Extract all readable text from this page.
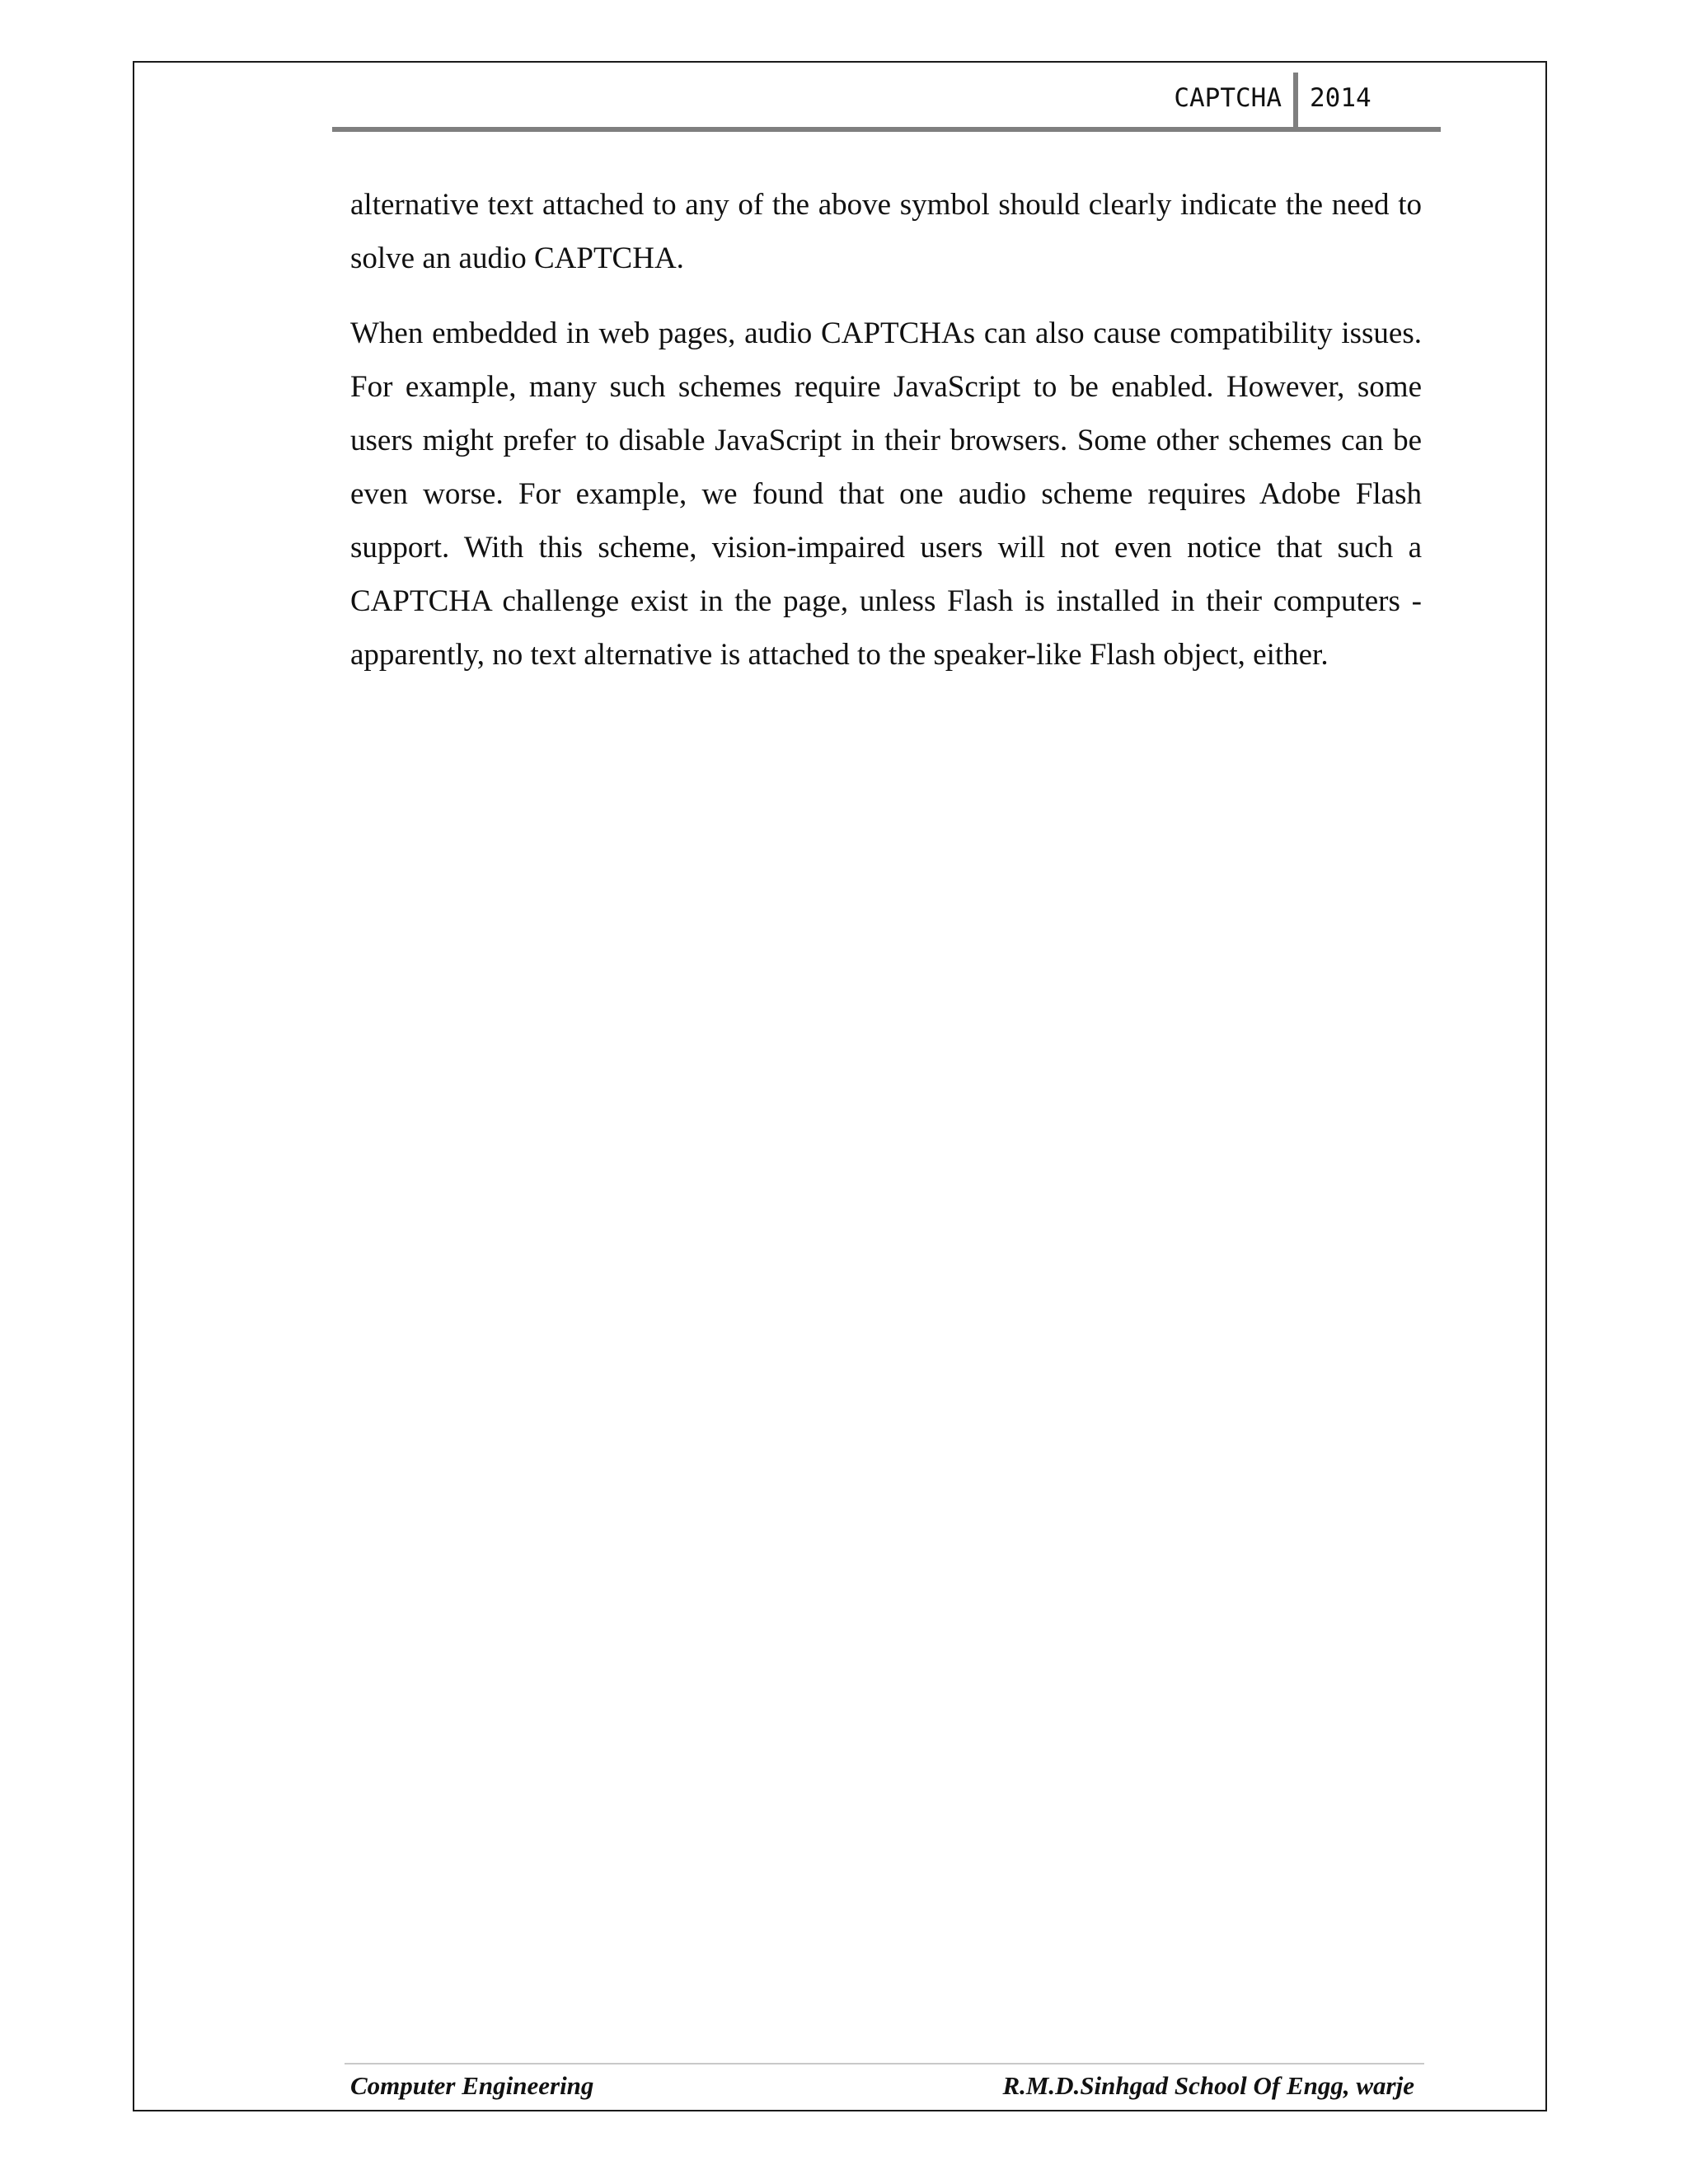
CAPTCHA 2014

alternative text attached to any of the above symbol should clearly indicate the need to solve an audio CAPTCHA.

When embedded in web pages, audio CAPTCHAs can also cause compatibility issues. For example, many such schemes require JavaScript to be enabled. However, some users might prefer to disable JavaScript in their browsers. Some other schemes can be even worse. For example, we found that one audio scheme requires Adobe Flash support. With this scheme, vision-impaired users will not even notice that such a CAPTCHA challenge exist in the page, unless Flash is installed in their computers - apparently, no text alternative is attached to the speaker-like Flash object, either.

Computer Engineering	R.M.D.Sinhgad School Of Engg, warje
